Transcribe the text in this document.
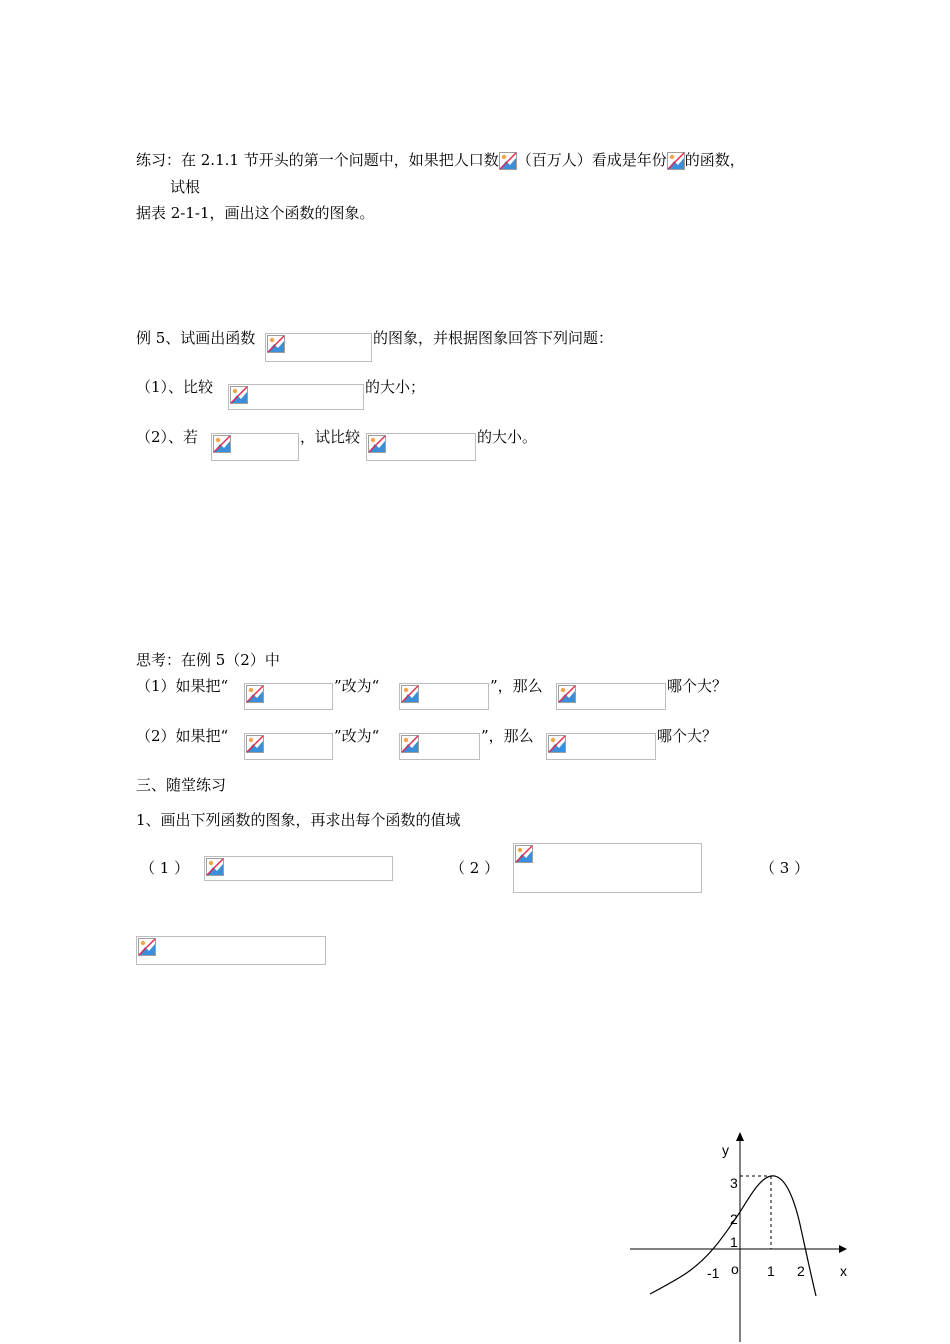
练习：在 2.1.1 节开头的第一个问题中，如果把人口数 （百万人）看成是年份 的函数，
试根
据表 2-1-1，画出这个函数的图象。
例 5、试画出函数	的图象，并根据图象回答下列问题：
（1）、比较	的大小；
（2）、若	，试比较	的大小。
思考：在例 5（2）中
（1）如果把“	”改为“	”，那么	哪个大？
（2）如果把“	”改为“	”，那么	哪个大？
三、随堂练习
1、画出下列函数的图象，再求出每个函数的值域
（ 1 ）	（ 2 ）	（ 3 ）
y
x
o
3
2
1
-1	1 2
